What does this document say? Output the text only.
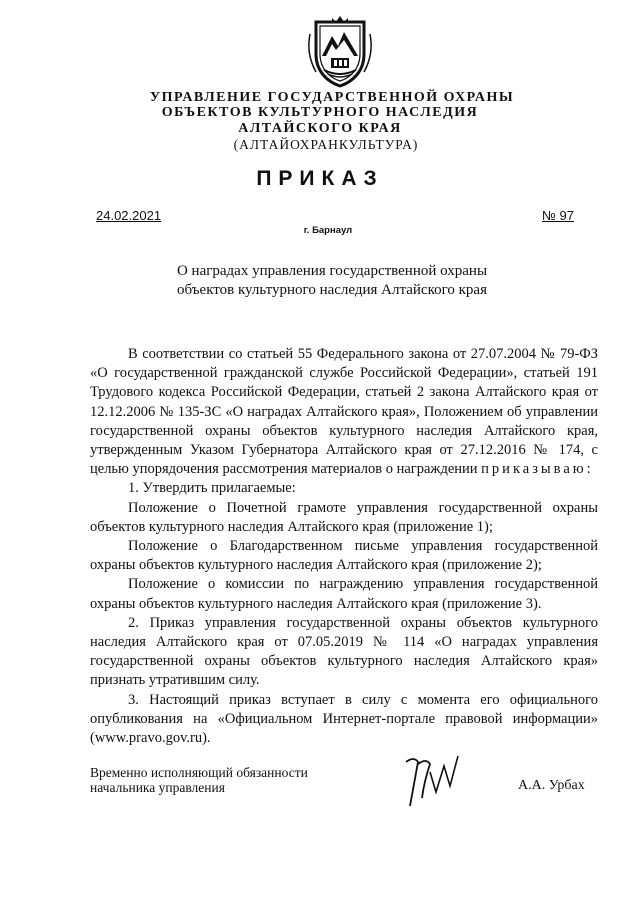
УПРАВЛЕНИЕ ГОСУДАРСТВЕННОЙ ОХРАНЫ
ОБЪЕКТОВ КУЛЬТУРНОГО НАСЛЕДИЯ
АЛТАЙСКОГО КРАЯ
(АЛТАЙОХРАНКУЛЬТУРА)
ПРИКАЗ
24.02.2021	№ 97
г. Барнаул
О наградах управления государственной охраны
объектов культурного наследия Алтайского края

В соответствии со статьей 55 Федерального закона от 27.07.2004 № 79-ФЗ «О государственной гражданской службе Российской Федерации», статьей 191 Трудового кодекса Российской Федерации, статьей 2 закона Алтайского края от 12.12.2006 № 135-ЗС «О наградах Алтайского края», Положением об управлении государственной охраны объектов культурного наследия Алтайского края, утвержденным Указом Губернатора Алтайского края от 27.12.2016 № 174, с целью упорядочения рассмотрения материалов о награждении приказываю:

1. Утвердить прилагаемые:

Положение о Почетной грамоте управления государственной охраны объектов культурного наследия Алтайского края (приложение 1);

Положение о Благодарственном письме управления государственной охраны объектов культурного наследия Алтайского края (приложение 2);

Положение о комиссии по награждению управления государственной охраны объектов культурного наследия Алтайского края (приложение 3).

2. Приказ управления государственной охраны объектов культурного наследия Алтайского края от 07.05.2019 № 114 «О наградах управления государственной охраны объектов культурного наследия Алтайского края» признать утратившим силу.

3. Настоящий приказ вступает в силу с момента его официального опубликования на «Официальном Интернет-портале правовой информации» (www.pravo.gov.ru).

Временно исполняющий обязанности
начальника управления	А.А. Урбах
